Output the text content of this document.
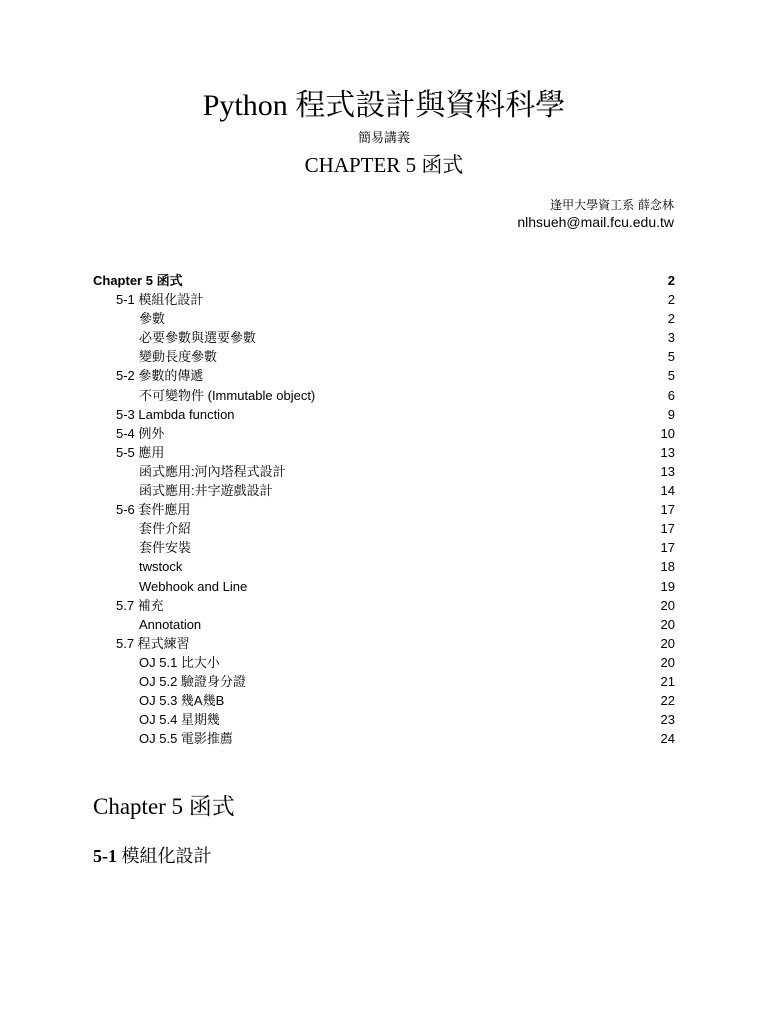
Python 程式設計與資料科學
簡易講義
CHAPTER 5 函式
逢甲大學資工系 薛念林
nlhsueh@mail.fcu.edu.tw
Chapter 5 函式	2
5-1 模組化設計	2
參數	2
必要參數與選要參數	3
變動長度參數	5
5-2 參數的傳遞	5
不可變物件 (Immutable object)	6
5-3 Lambda function	9
5-4 例外	10
5-5 應用	13
函式應用:河內塔程式設計	13
函式應用:井字遊戲設計	14
5-6 套件應用	17
套件介紹	17
套件安裝	17
twstock	18
Webhook and Line	19
5.7 補充	20
Annotation	20
5.7 程式練習	20
OJ 5.1 比大小	20
OJ 5.2 驗證身分證	21
OJ 5.3 幾A幾B	22
OJ 5.4 星期幾	23
OJ 5.5 電影推薦	24
Chapter 5 函式
5-1 模組化設計
